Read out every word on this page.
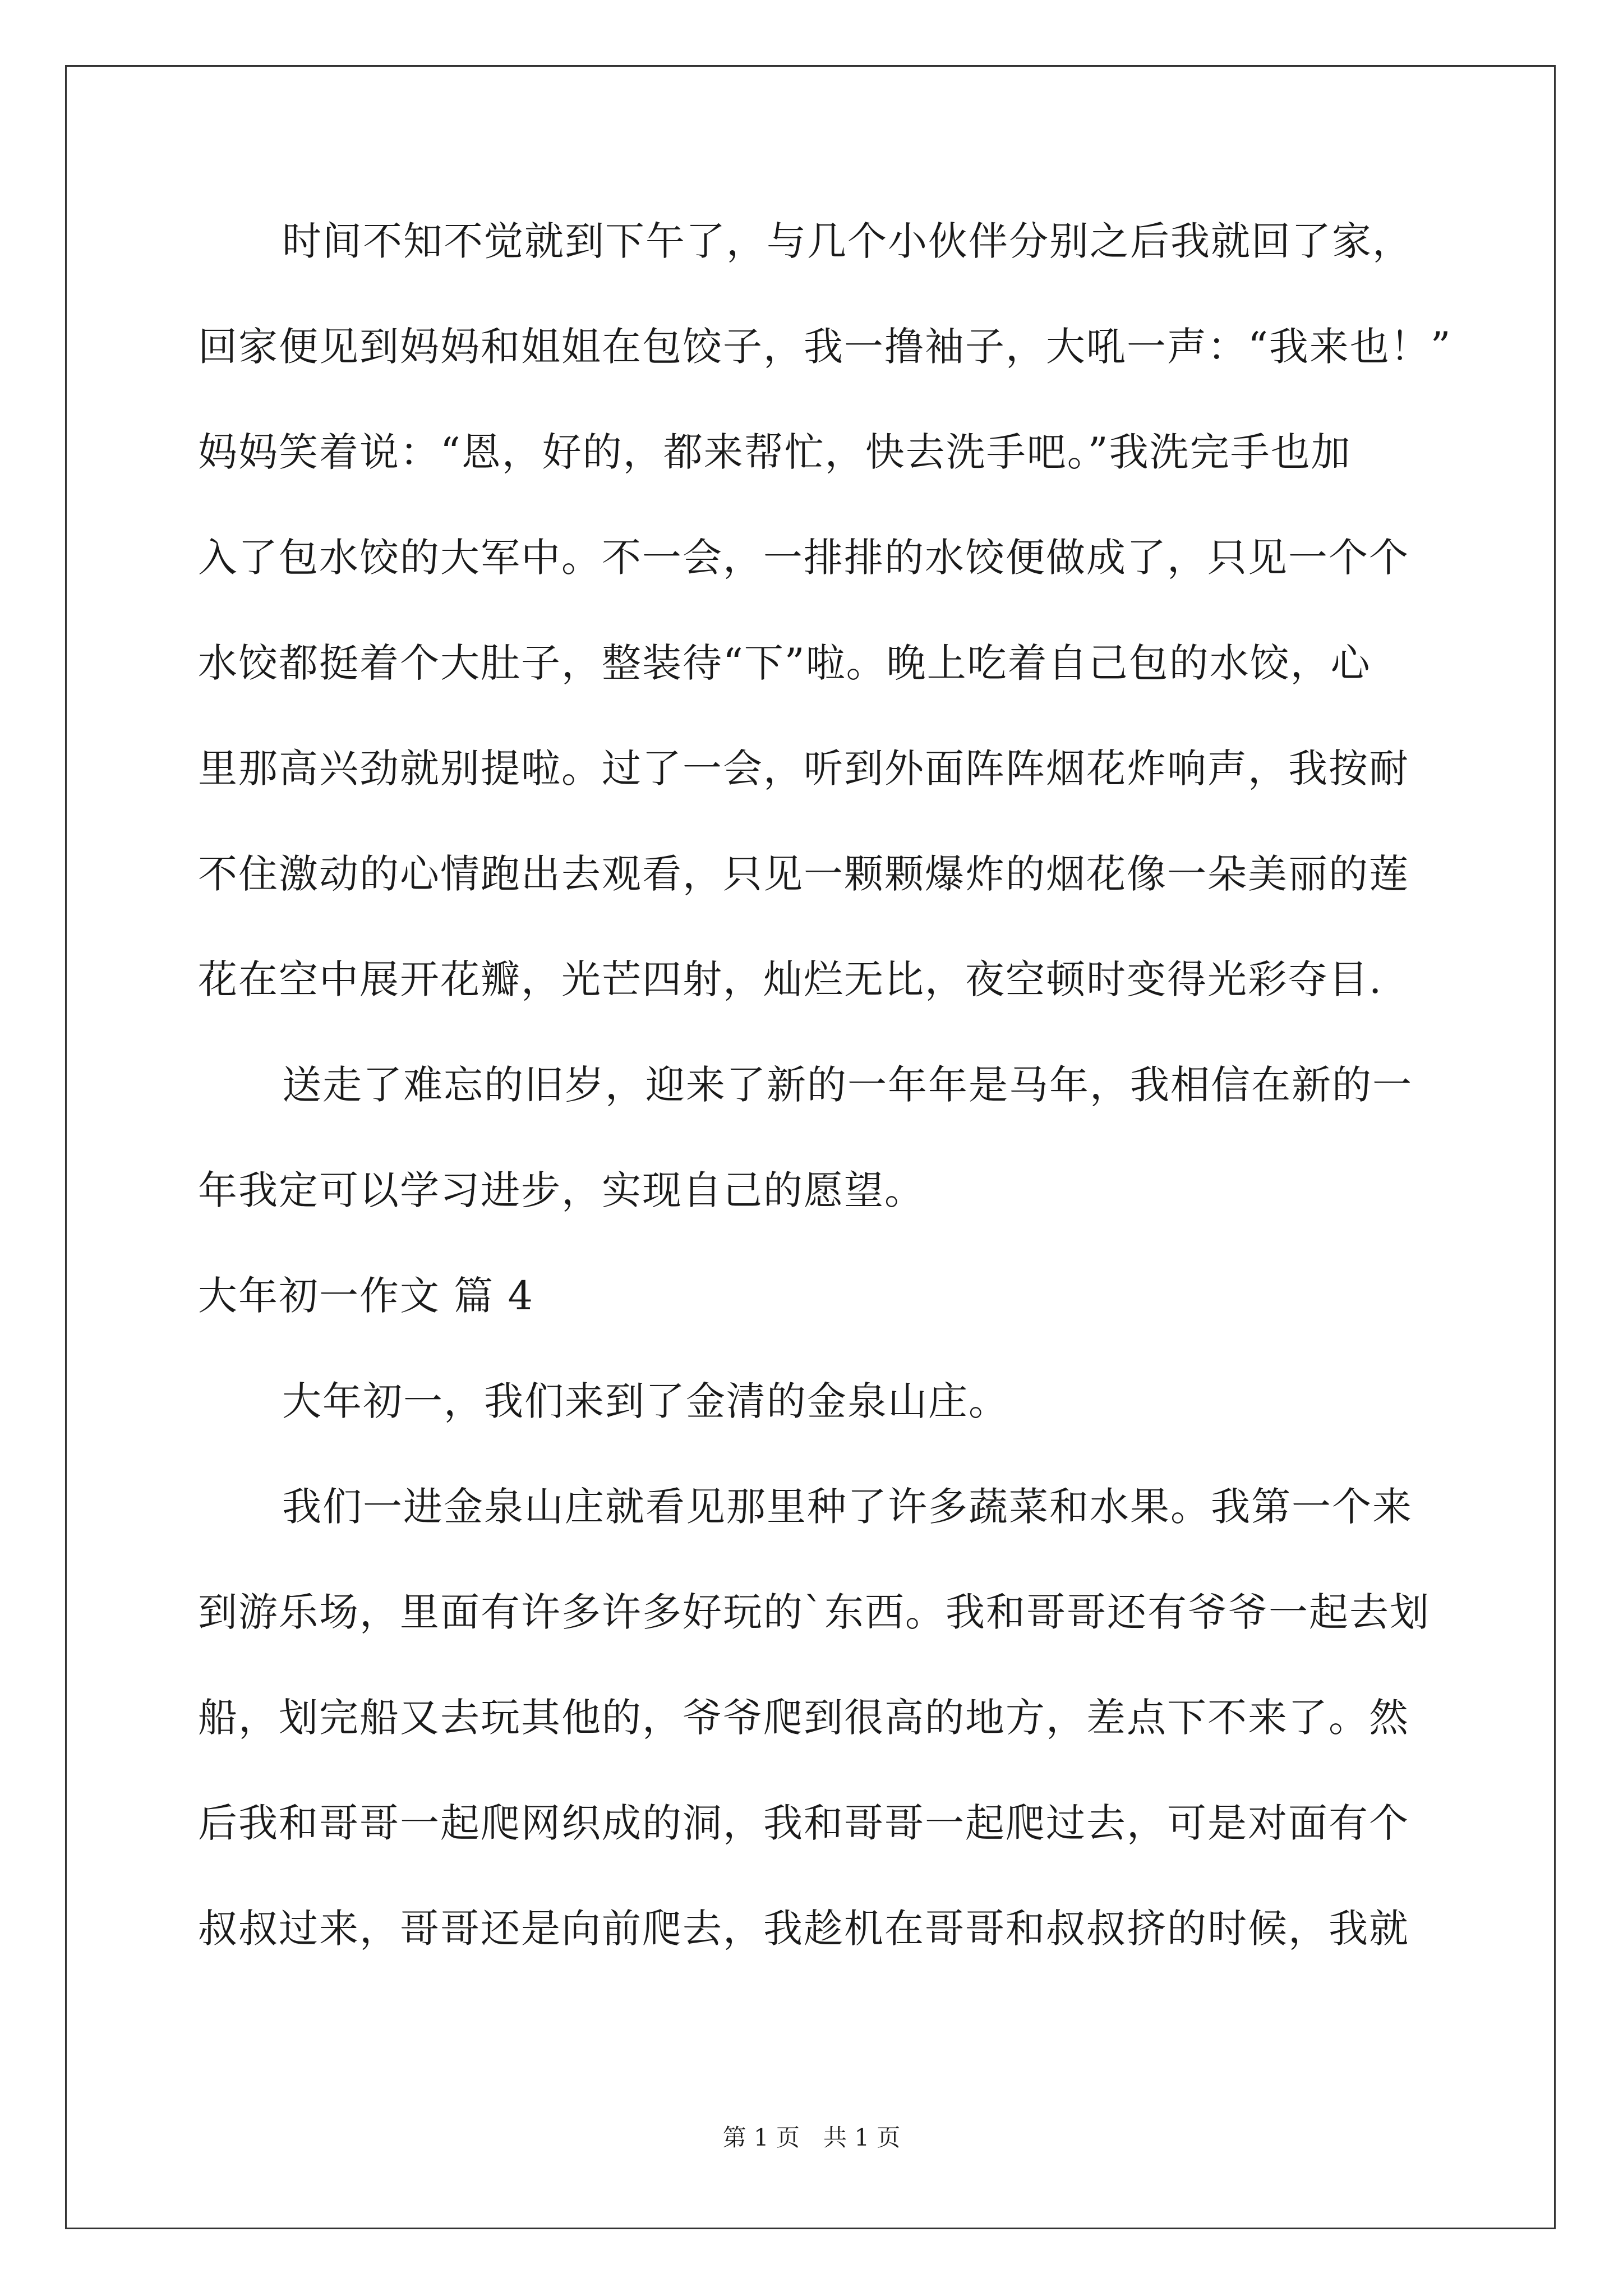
时间不知不觉就到下午了，与几个小伙伴分别之后我就回了家，
回家便见到妈妈和姐姐在包饺子，我一撸袖子，大吼一声：“我来也！”
妈妈笑着说：“恩，好的，都来帮忙，快去洗手吧。”我洗完手也加
入了包水饺的大军中。不一会，一排排的水饺便做成了，只见一个个
水饺都挺着个大肚子，整装待“下”啦。晚上吃着自己包的水饺，心
里那高兴劲就别提啦。过了一会，听到外面阵阵烟花炸响声，我按耐
不住激动的心情跑出去观看，只见一颗颗爆炸的烟花像一朵美丽的莲
花在空中展开花瓣，光芒四射，灿烂无比，夜空顿时变得光彩夺目.
送走了难忘的旧岁，迎来了新的一年年是马年，我相信在新的一
年我定可以学习进步，实现自己的愿望。
大年初一作文 篇 4
大年初一，我们来到了金清的金泉山庄。
我们一进金泉山庄就看见那里种了许多蔬菜和水果。我第一个来
到游乐场，里面有许多许多好玩的`东西。我和哥哥还有爷爷一起去划
船，划完船又去玩其他的，爷爷爬到很高的地方，差点下不来了。然
后我和哥哥一起爬网织成的洞，我和哥哥一起爬过去，可是对面有个
叔叔过来，哥哥还是向前爬去，我趁机在哥哥和叔叔挤的时候，我就
第 1 页　共 1 页
